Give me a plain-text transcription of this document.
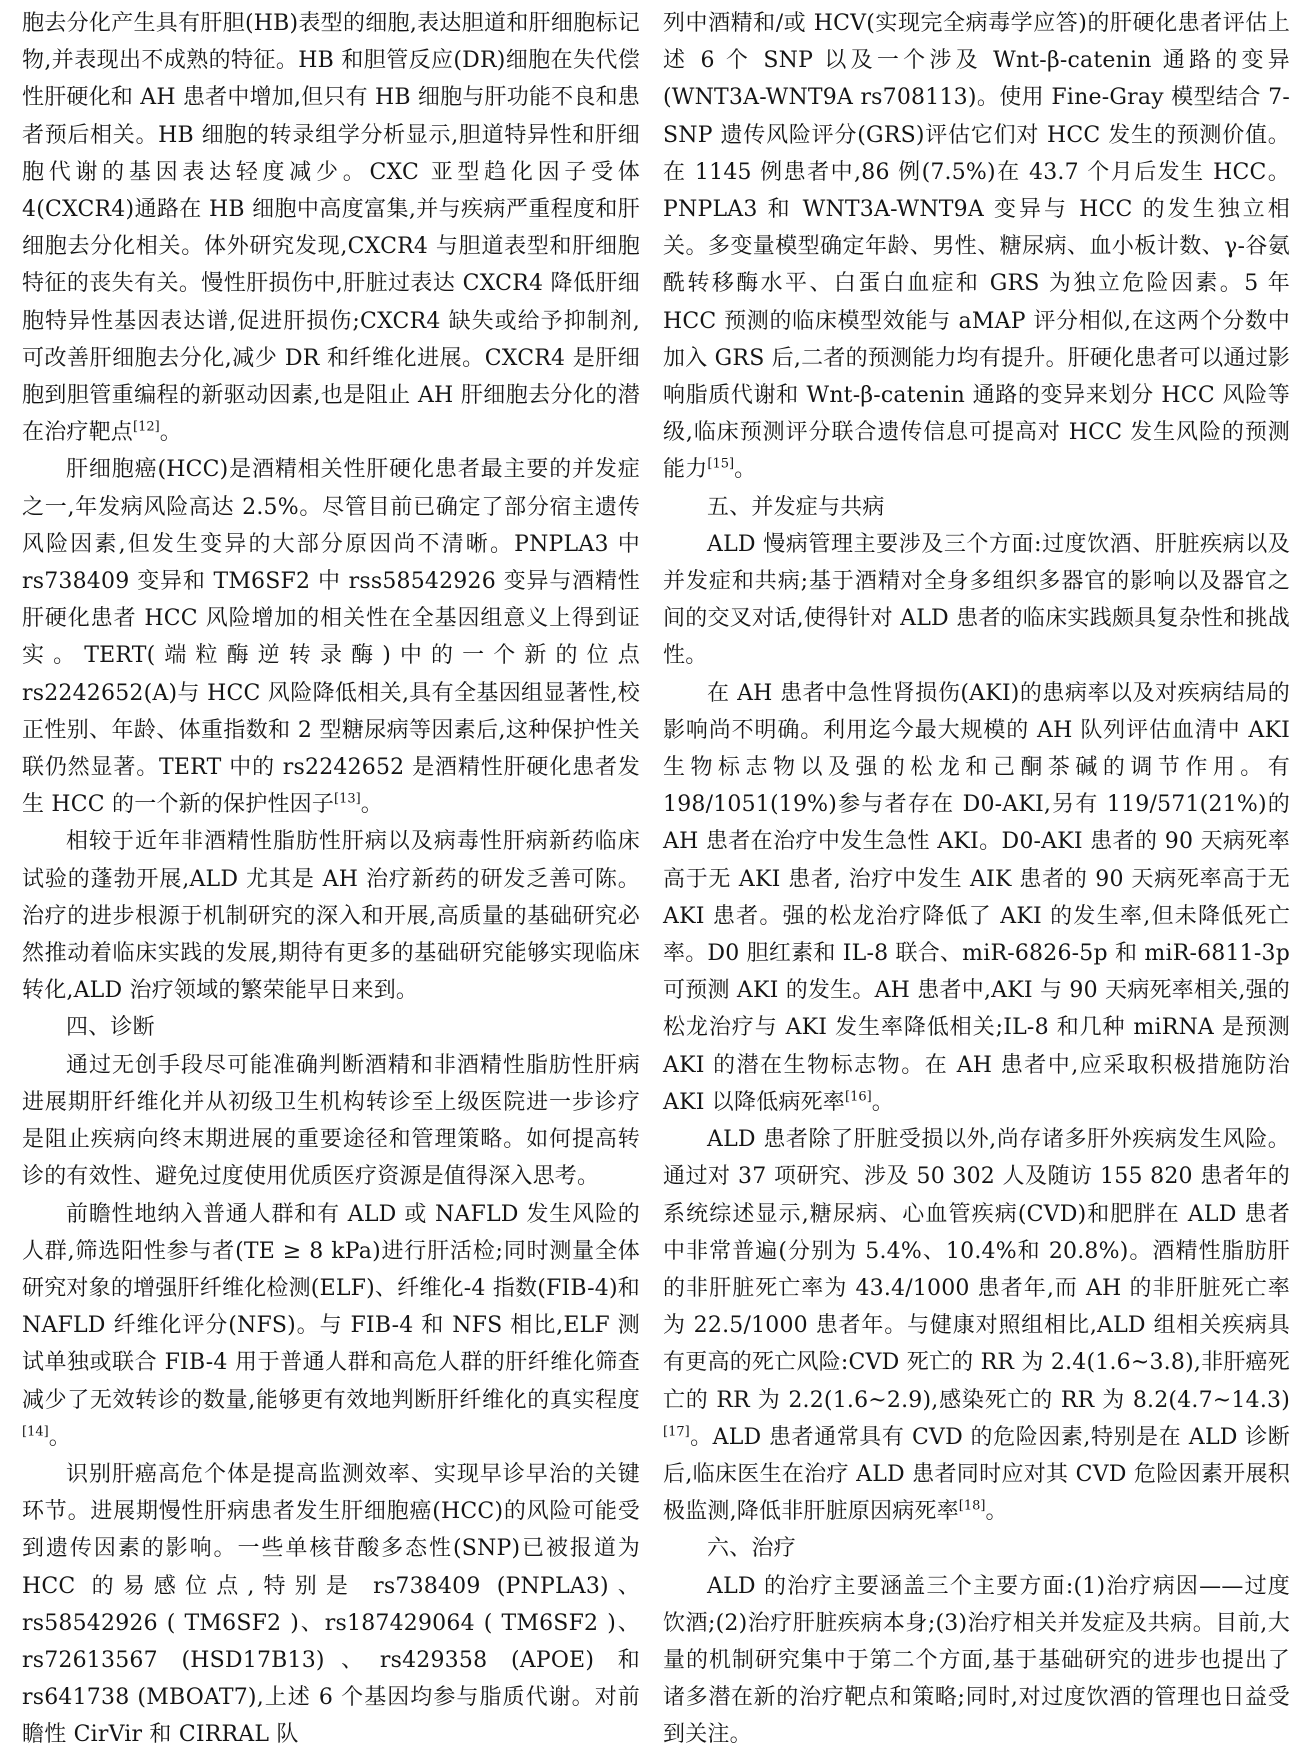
胞去分化产生具有肝胆(HB)表型的细胞,表达胆道和肝细胞标记物,并表现出不成熟的特征。HB 和胆管反应(DR)细胞在失代偿性肝硬化和 AH 患者中增加,但只有 HB 细胞与肝功能不良和患者预后相关。HB 细胞的转录组学分析显示,胆道特异性和肝细胞代谢的基因表达轻度减少。CXC 亚型趋化因子受体 4(CXCR4)通路在 HB 细胞中高度富集,并与疾病严重程度和肝细胞去分化相关。体外研究发现,CXCR4 与胆道表型和肝细胞特征的丧失有关。慢性肝损伤中,肝脏过表达 CXCR4 降低肝细胞特异性基因表达谱,促进肝损伤;CXCR4 缺失或给予抑制剂,可改善肝细胞去分化,减少 DR 和纤维化进展。CXCR4 是肝细胞到胆管重编程的新驱动因素,也是阻止 AH 肝细胞去分化的潜在治疗靶点[12]。

肝细胞癌(HCC)是酒精相关性肝硬化患者最主要的并发症之一,年发病风险高达 2.5%。尽管目前已确定了部分宿主遗传风险因素,但发生变异的大部分原因尚不清晰。PNPLA3 中 rs738409 变异和 TM6SF2 中 rss58542926 变异与酒精性肝硬化患者 HCC 风险增加的相关性在全基因组意义上得到证实。TERT(端粒酶逆转录酶)中的一个新的位点 rs2242652(A)与 HCC 风险降低相关,具有全基因组显著性,校正性别、年龄、体重指数和 2 型糖尿病等因素后,这种保护性关联仍然显著。TERT 中的 rs2242652 是酒精性肝硬化患者发生 HCC 的一个新的保护性因子[13]。

相较于近年非酒精性脂肪性肝病以及病毒性肝病新药临床试验的蓬勃开展,ALD 尤其是 AH 治疗新药的研发乏善可陈。治疗的进步根源于机制研究的深入和开展,高质量的基础研究必然推动着临床实践的发展,期待有更多的基础研究能够实现临床转化,ALD 治疗领域的繁荣能早日来到。

四、诊断

通过无创手段尽可能准确判断酒精和非酒精性脂肪性肝病进展期肝纤维化并从初级卫生机构转诊至上级医院进一步诊疗是阻止疾病向终末期进展的重要途径和管理策略。如何提高转诊的有效性、避免过度使用优质医疗资源是值得深入思考。

前瞻性地纳入普通人群和有 ALD 或 NAFLD 发生风险的人群,筛选阳性参与者(TE ≥ 8 kPa)进行肝活检;同时测量全体研究对象的增强肝纤维化检测(ELF)、纤维化-4 指数(FIB-4)和 NAFLD 纤维化评分(NFS)。与 FIB-4 和 NFS 相比,ELF 测试单独或联合 FIB-4 用于普通人群和高危人群的肝纤维化筛查减少了无效转诊的数量,能够更有效地判断肝纤维化的真实程度[14]。

识别肝癌高危个体是提高监测效率、实现早诊早治的关键环节。进展期慢性肝病患者发生肝细胞癌(HCC)的风险可能受到遗传因素的影响。一些单核苷酸多态性(SNP)已被报道为 HCC 的易感位点,特别是 rs738409 (PNPLA3)、rs58542926 ( TM6SF2 )、rs187429064 ( TM6SF2 )、rs72613567 (HSD17B13)、rs429358 (APOE) 和 rs641738 (MBOAT7),上述 6 个基因均参与脂质代谢。对前瞻性 CirVir 和 CIRRAL 队

列中酒精和/或 HCV(实现完全病毒学应答)的肝硬化患者评估上述 6 个 SNP 以及一个涉及 Wnt-β-catenin 通路的变异(WNT3A-WNT9A rs708113)。使用 Fine-Gray 模型结合 7-SNP 遗传风险评分(GRS)评估它们对 HCC 发生的预测价值。在 1145 例患者中,86 例(7.5%)在 43.7 个月后发生 HCC。PNPLA3 和 WNT3A-WNT9A 变异与 HCC 的发生独立相关。多变量模型确定年龄、男性、糖尿病、血小板计数、γ-谷氨酰转移酶水平、白蛋白血症和 GRS 为独立危险因素。5 年 HCC 预测的临床模型效能与 aMAP 评分相似,在这两个分数中加入 GRS 后,二者的预测能力均有提升。肝硬化患者可以通过影响脂质代谢和 Wnt-β-catenin 通路的变异来划分 HCC 风险等级,临床预测评分联合遗传信息可提高对 HCC 发生风险的预测能力[15]。

五、并发症与共病

ALD 慢病管理主要涉及三个方面:过度饮酒、肝脏疾病以及并发症和共病;基于酒精对全身多组织多器官的影响以及器官之间的交叉对话,使得针对 ALD 患者的临床实践颇具复杂性和挑战性。

在 AH 患者中急性肾损伤(AKI)的患病率以及对疾病结局的影响尚不明确。利用迄今最大规模的 AH 队列评估血清中 AKI 生物标志物以及强的松龙和己酮茶碱的调节作用。有 198/1051(19%)参与者存在 D0-AKI,另有 119/571(21%)的 AH 患者在治疗中发生急性 AKI。D0-AKI 患者的 90 天病死率高于无 AKI 患者, 治疗中发生 AIK 患者的 90 天病死率高于无 AKI 患者。强的松龙治疗降低了 AKI 的发生率,但未降低死亡率。D0 胆红素和 IL-8 联合、miR-6826-5p 和 miR-6811-3p 可预测 AKI 的发生。AH 患者中,AKI 与 90 天病死率相关,强的松龙治疗与 AKI 发生率降低相关;IL-8 和几种 miRNA 是预测 AKI 的潜在生物标志物。在 AH 患者中,应采取积极措施防治 AKI 以降低病死率[16]。

ALD 患者除了肝脏受损以外,尚存诸多肝外疾病发生风险。通过对 37 项研究、涉及 50 302 人及随访 155 820 患者年的系统综述显示,糖尿病、心血管疾病(CVD)和肥胖在 ALD 患者中非常普遍(分别为 5.4%、10.4%和 20.8%)。酒精性脂肪肝的非肝脏死亡率为 43.4/1000 患者年,而 AH 的非肝脏死亡率为 22.5/1000 患者年。与健康对照组相比,ALD 组相关疾病具有更高的死亡风险:CVD 死亡的 RR 为 2.4(1.6~3.8),非肝癌死亡的 RR 为 2.2(1.6~2.9),感染死亡的 RR 为 8.2(4.7~14.3)[17]。ALD 患者通常具有 CVD 的危险因素,特别是在 ALD 诊断后,临床医生在治疗 ALD 患者同时应对其 CVD 危险因素开展积极监测,降低非肝脏原因病死率[18]。

六、治疗

ALD 的治疗主要涵盖三个主要方面:(1)治疗病因——过度饮酒;(2)治疗肝脏疾病本身;(3)治疗相关并发症及共病。目前,大量的机制研究集中于第二个方面,基于基础研究的进步也提出了诸多潜在新的治疗靶点和策略;同时,对过度饮酒的管理也日益受到关注。
